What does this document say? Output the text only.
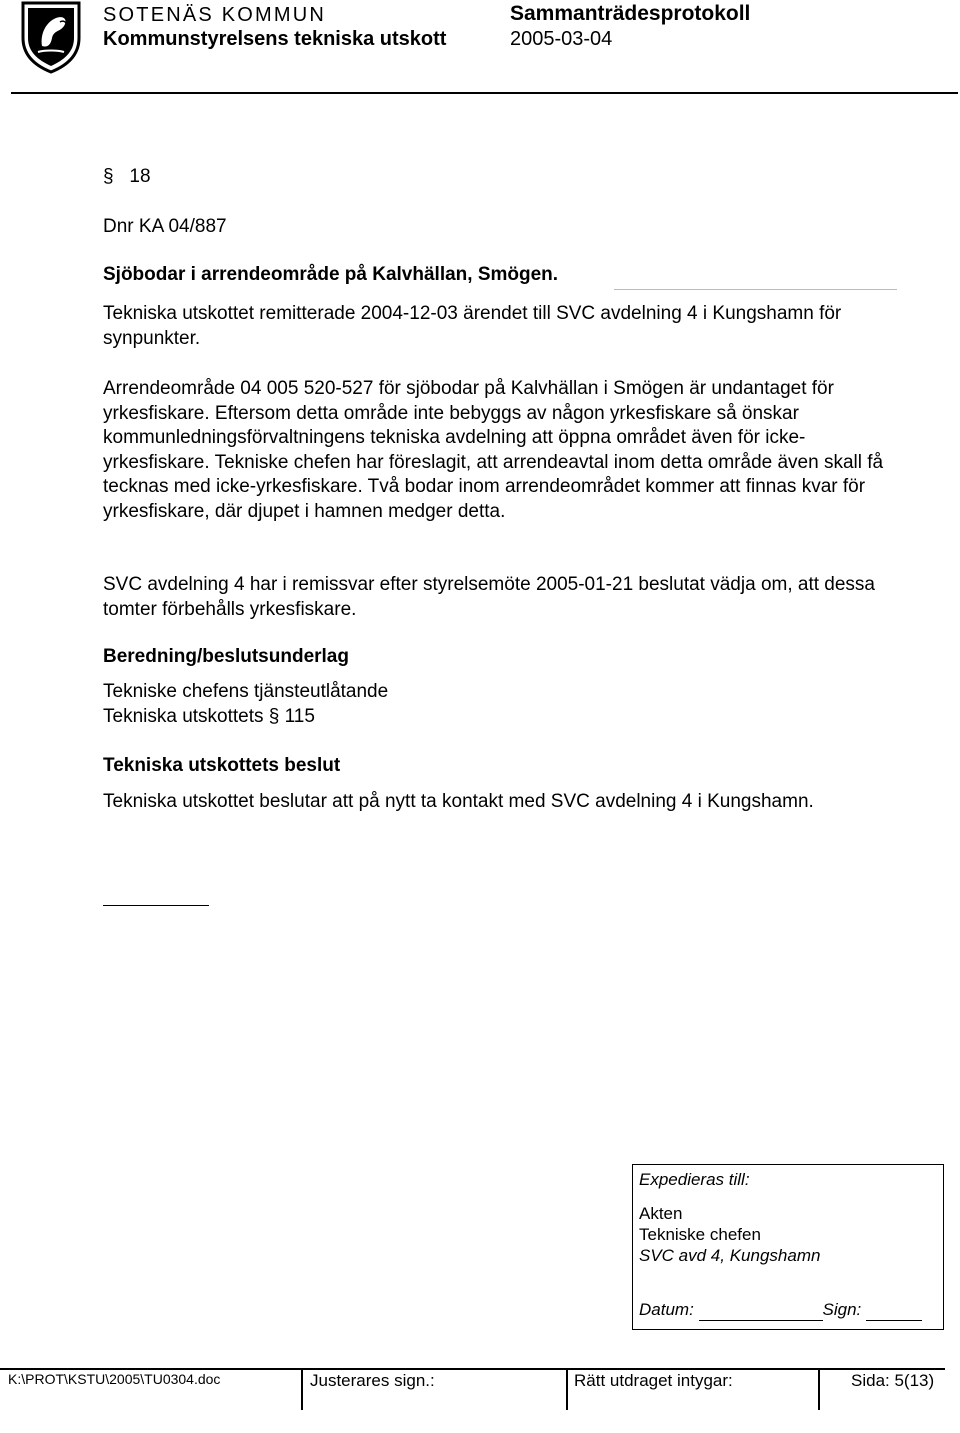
SOTENÄS KOMMUN	Sammanträdesprotokoll
Kommunstyrelsens tekniska utskott	2005-03-04
§ 18
Dnr KA 04/887
Sjöbodar i arrendeområde på Kalvhällan, Smögen.
Tekniska utskottet remitterade 2004-12-03 ärendet till SVC avdelning 4 i Kungshamn för synpunkter.
Arrendeområde 04 005 520-527 för sjöbodar på Kalvhällan i Smögen är undantaget för yrkesfiskare. Eftersom detta område inte bebyggs av någon yrkesfiskare så önskar kommunledningsförvaltningens tekniska avdelning att öppna området även för icke-yrkesfiskare. Tekniske chefen har föreslagit, att arrendeavtal inom detta område även skall få tecknas med icke-yrkesfiskare. Två bodar inom arrendeområdet kommer att finnas kvar för yrkesfiskare, där djupet i hamnen medger detta.
SVC avdelning 4 har i remissvar efter styrelsemöte 2005-01-21 beslutat vädja om, att dessa tomter förbehålls yrkesfiskare.
Beredning/beslutsunderlag
Tekniske chefens tjänsteutlåtande
Tekniska utskottets § 115
Tekniska utskottets beslut
Tekniska utskottet beslutar att på nytt ta kontakt med SVC avdelning 4 i Kungshamn.
Expedieras till:
Akten
Tekniske chefen
SVC avd 4, Kungshamn
Datum:	Sign:
K:\PROT\KSTU\2005\TU0304.doc	Justerares sign.:	Rätt utdraget intygar:	Sida: 5(13)
